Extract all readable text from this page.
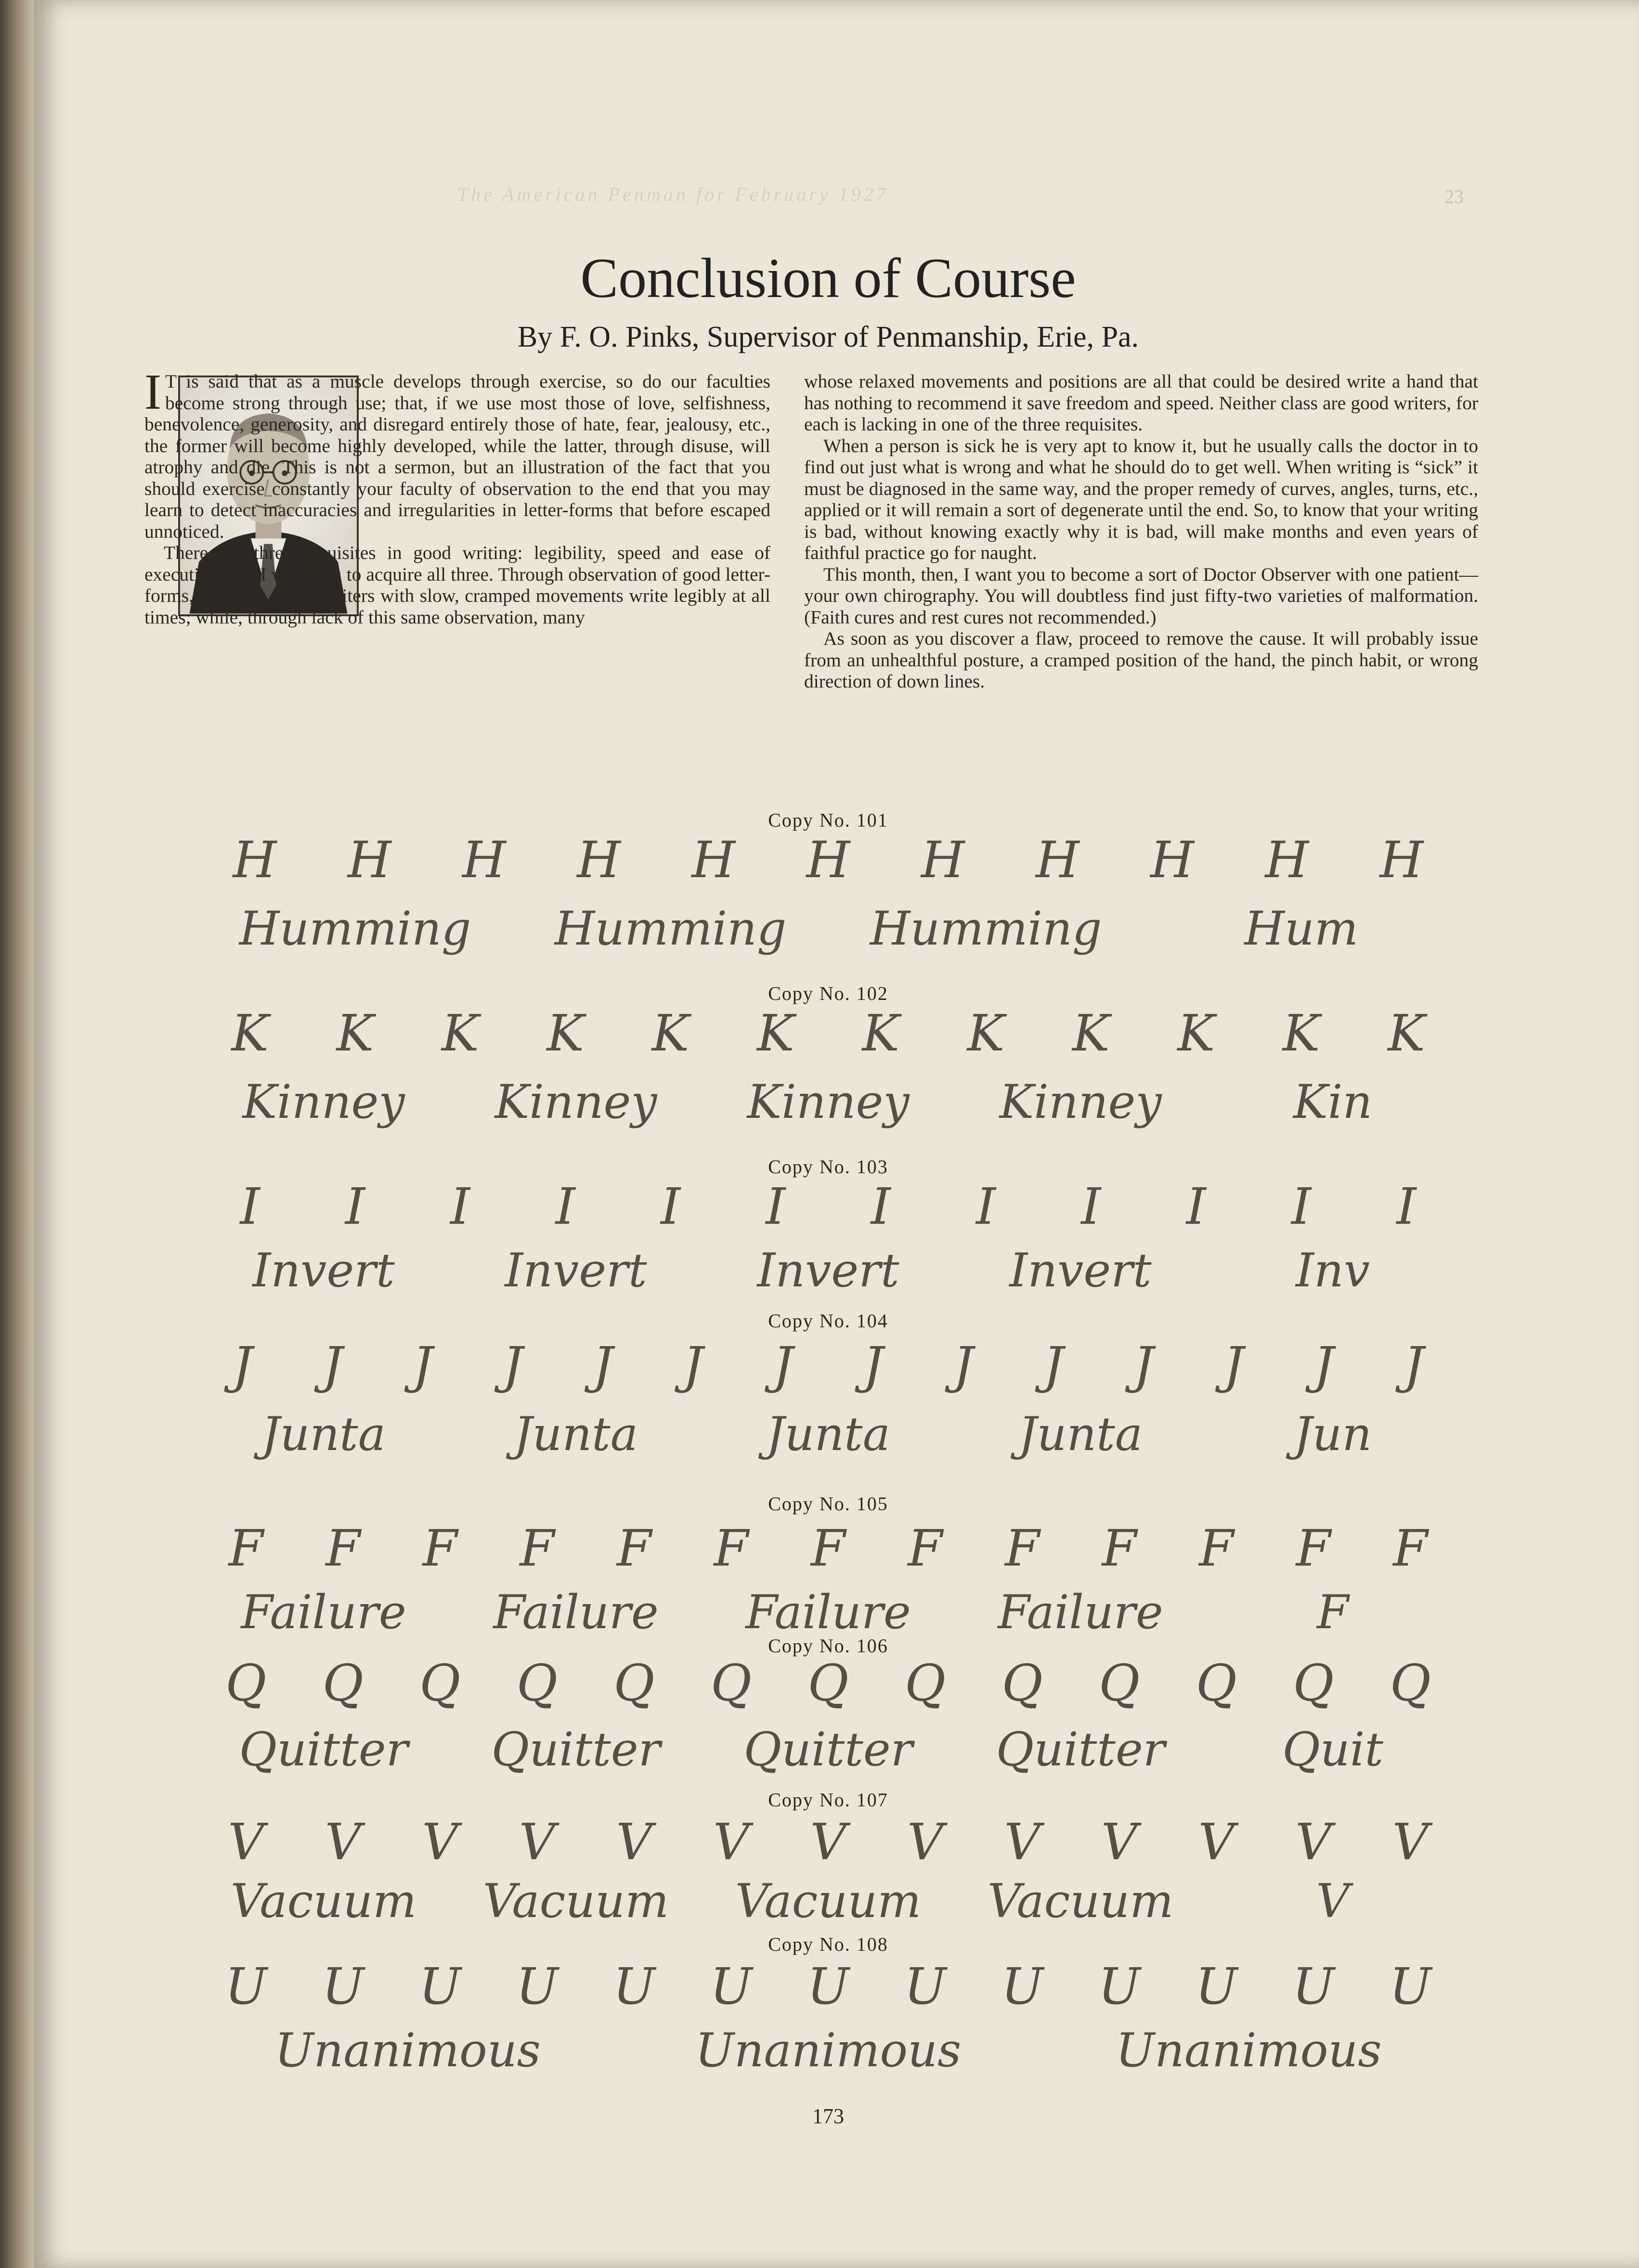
The American Penman for February 1927	23
Conclusion of Course
By F. O. Pinks, Supervisor of Penmanship, Erie, Pa.

I T is said that as a muscle develops through exercise, so do our faculties become strong through use; that, if we use most those of love, selfishness, benevolence, generosity, and disregard entirely those of hate, fear, jealousy, etc., the former will become highly developed, while the latter, through disuse, will atrophy and die. This is not a sermon, but an illustration of the fact that you should exercise constantly your faculty of observation to the end that you may learn to detect inaccuracies and irregularities in letter-forms that before escaped unnoticed.

There are three requisites in good writing: legibility, speed and ease of execution, and I want you to acquire all three. Through observation of good letter-forms, however, many writers with slow, cramped movements write legibly at all times; while, through lack of this same observation, many

whose relaxed movements and positions are all that could be desired write a hand that has nothing to recommend it save freedom and speed. Neither class are good writers, for each is lacking in one of the three requisites.

When a person is sick he is very apt to know it, but he usually calls the doctor in to find out just what is wrong and what he should do to get well. When writing is “sick” it must be diagnosed in the same way, and the proper remedy of curves, angles, turns, etc., applied or it will remain a sort of degenerate until the end. So, to know that your writing is bad, without knowing exactly why it is bad, will make months and even years of faithful practice go for naught.

This month, then, I want you to become a sort of Doctor Observer with one patient—your own chirography. You will doubtless find just fifty-two varieties of malformation. (Faith cures and rest cures not recommended.)

As soon as you discover a flaw, proceed to remove the cause. It will probably issue from an unhealthful posture, a cramped position of the hand, the pinch habit, or wrong direction of down lines.

Copy No. 101
H H H H H H H H H H H
Humming Humming Humming	Hum
Copy No. 102
K K K K K K K K K K K K
Kinney Kinney Kinney Kinney	Kin
Copy No. 103
I I I I I I I I I I I I
Invert Invert Invert Invert	Inv
Copy No. 104
J J J J J J J J J J J J J J
Junta	Junta	Junta	Junta	Jun
Copy No. 105
F F F F F F F F F F F F F
Failure Failure Failure Failure	F
Copy No. 106
Q Q Q Q Q Q Q Q Q Q Q Q Q
Quitter Quitter Quitter Quitter	Quit
Copy No. 107
V V V V V V V V V V V V V
Vacuum Vacuum Vacuum Vacuum	V
Copy No. 108
U U U U U U U U U U U U U
Unanimous	Unanimous	Unanimous
173
